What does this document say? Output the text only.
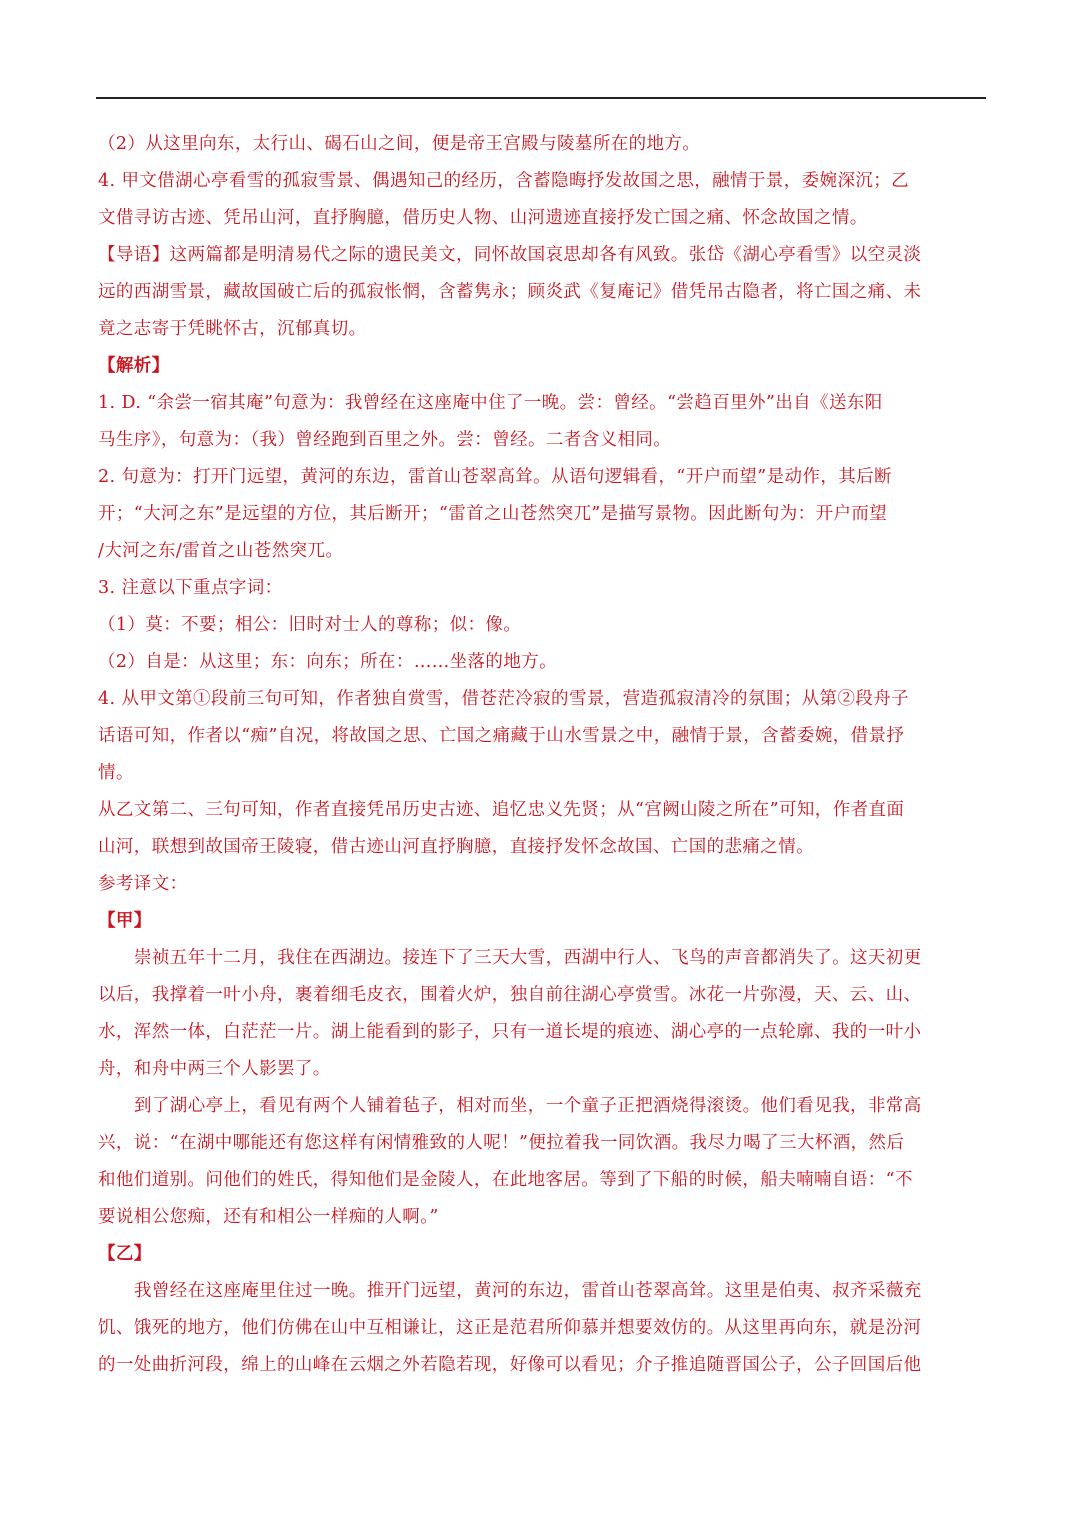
（2）从这里向东，太行山、碣石山之间，便是帝王宫殿与陵墓所在的地方。
4. 甲文借湖心亭看雪的孤寂雪景、偶遇知己的经历，含蓄隐晦抒发故国之思，融情于景，委婉深沉；乙
文借寻访古迹、凭吊山河，直抒胸臆，借历史人物、山河遗迹直接抒发亡国之痛、怀念故国之情。
【导语】这两篇都是明清易代之际的遗民美文，同怀故国哀思却各有风致。张岱《湖心亭看雪》以空灵淡
远的西湖雪景，藏故国破亡后的孤寂怅惘，含蓄隽永；顾炎武《复庵记》借凭吊古隐者，将亡国之痛、未
竟之志寄于凭眺怀古，沉郁真切。
【解析】
1. D. “余尝一宿其庵”句意为：我曾经在这座庵中住了一晚。尝：曾经。“尝趋百里外”出自《送东阳
马生序》，句意为：（我）曾经跑到百里之外。尝：曾经。二者含义相同。
2. 句意为：打开门远望，黄河的东边，雷首山苍翠高耸。从语句逻辑看，“开户而望”是动作，其后断
开；“大河之东”是远望的方位，其后断开；“雷首之山苍然突兀”是描写景物。因此断句为：开户而望
/大河之东/雷首之山苍然突兀。
3. 注意以下重点字词：
（1）莫：不要；相公：旧时对士人的尊称；似：像。
（2）自是：从这里；东：向东；所在：……坐落的地方。
4. 从甲文第①段前三句可知，作者独自赏雪，借苍茫冷寂的雪景，营造孤寂清冷的氛围；从第②段舟子
话语可知，作者以“痴”自况，将故国之思、亡国之痛藏于山水雪景之中，融情于景，含蓄委婉，借景抒
情。
从乙文第二、三句可知，作者直接凭吊历史古迹、追忆忠义先贤；从“宫阙山陵之所在”可知，作者直面
山河，联想到故国帝王陵寝，借古迹山河直抒胸臆，直接抒发怀念故国、亡国的悲痛之情。
参考译文：
【甲】
崇祯五年十二月，我住在西湖边。接连下了三天大雪，西湖中行人、飞鸟的声音都消失了。这天初更
以后，我撑着一叶小舟，裹着细毛皮衣，围着火炉，独自前往湖心亭赏雪。冰花一片弥漫，天、云、山、
水，浑然一体，白茫茫一片。湖上能看到的影子，只有一道长堤的痕迹、湖心亭的一点轮廓、我的一叶小
舟，和舟中两三个人影罢了。
到了湖心亭上，看见有两个人铺着毡子，相对而坐，一个童子正把酒烧得滚烫。他们看见我，非常高
兴，说：“在湖中哪能还有您这样有闲情雅致的人呢！”便拉着我一同饮酒。我尽力喝了三大杯酒，然后
和他们道别。问他们的姓氏，得知他们是金陵人，在此地客居。等到了下船的时候，船夫喃喃自语：“不
要说相公您痴，还有和相公一样痴的人啊。”
【乙】
我曾经在这座庵里住过一晚。推开门远望，黄河的东边，雷首山苍翠高耸。这里是伯夷、叔齐采薇充
饥、饿死的地方，他们仿佛在山中互相谦让，这正是范君所仰慕并想要效仿的。从这里再向东，就是汾河
的一处曲折河段，绵上的山峰在云烟之外若隐若现，好像可以看见；介子推追随晋国公子，公子回国后他
